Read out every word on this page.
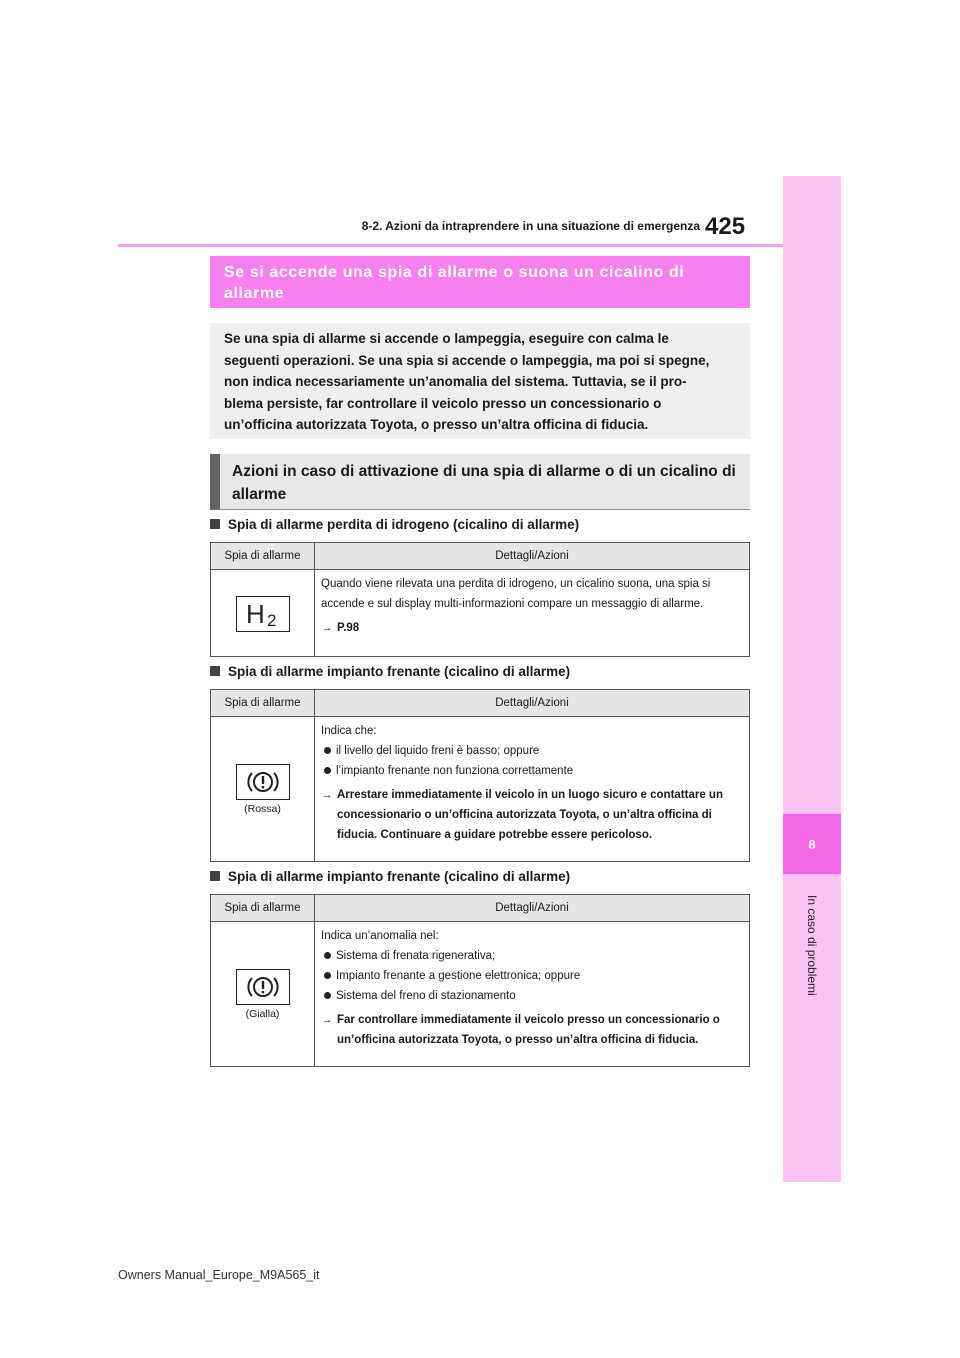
8
In caso di problemi
8-2. Azioni da intraprendere in una situazione di emergenza 425
Se si accende una spia di allarme o suona un cicalino di allarme
Se una spia di allarme si accende o lampeggia, eseguire con calma le
seguenti operazioni. Se una spia si accende o lampeggia, ma poi si spegne,
non indica necessariamente un’anomalia del sistema. Tuttavia, se il pro-
blema persiste, far controllare il veicolo presso un concessionario o
un’officina autorizzata Toyota, o presso un’altra officina di fiducia.
Azioni in caso di attivazione di una spia di allarme o di un cicalino di allarme
Spia di allarme perdita di idrogeno (cicalino di allarme)
Spia di allarme	Dettagli/Azioni
H 2
Quando viene rilevata una perdita di idrogeno, un cicalino suona, una spia si accende e sul display multi-informazioni compare un messaggio di allarme.
→ P.98
Spia di allarme impianto frenante (cicalino di allarme)
Spia di allarme	Dettagli/Azioni
(Rossa)
Indica che:
il livello del liquido freni è basso; oppure
l’impianto frenante non funziona correttamente
→ Arrestare immediatamente il veicolo in un luogo sicuro e contattare un concessionario o un’officina autorizzata Toyota, o un’altra officina di fiducia. Continuare a guidare potrebbe essere pericoloso.
Spia di allarme impianto frenante (cicalino di allarme)
Spia di allarme	Dettagli/Azioni
(Gialla)
Indica un’anomalia nel:
Sistema di frenata rigenerativa;
Impianto frenante a gestione elettronica; oppure
Sistema del freno di stazionamento
→ Far controllare immediatamente il veicolo presso un concessionario o un’officina autorizzata Toyota, o presso un’altra officina di fiducia.
Owners Manual_Europe_M9A565_it
